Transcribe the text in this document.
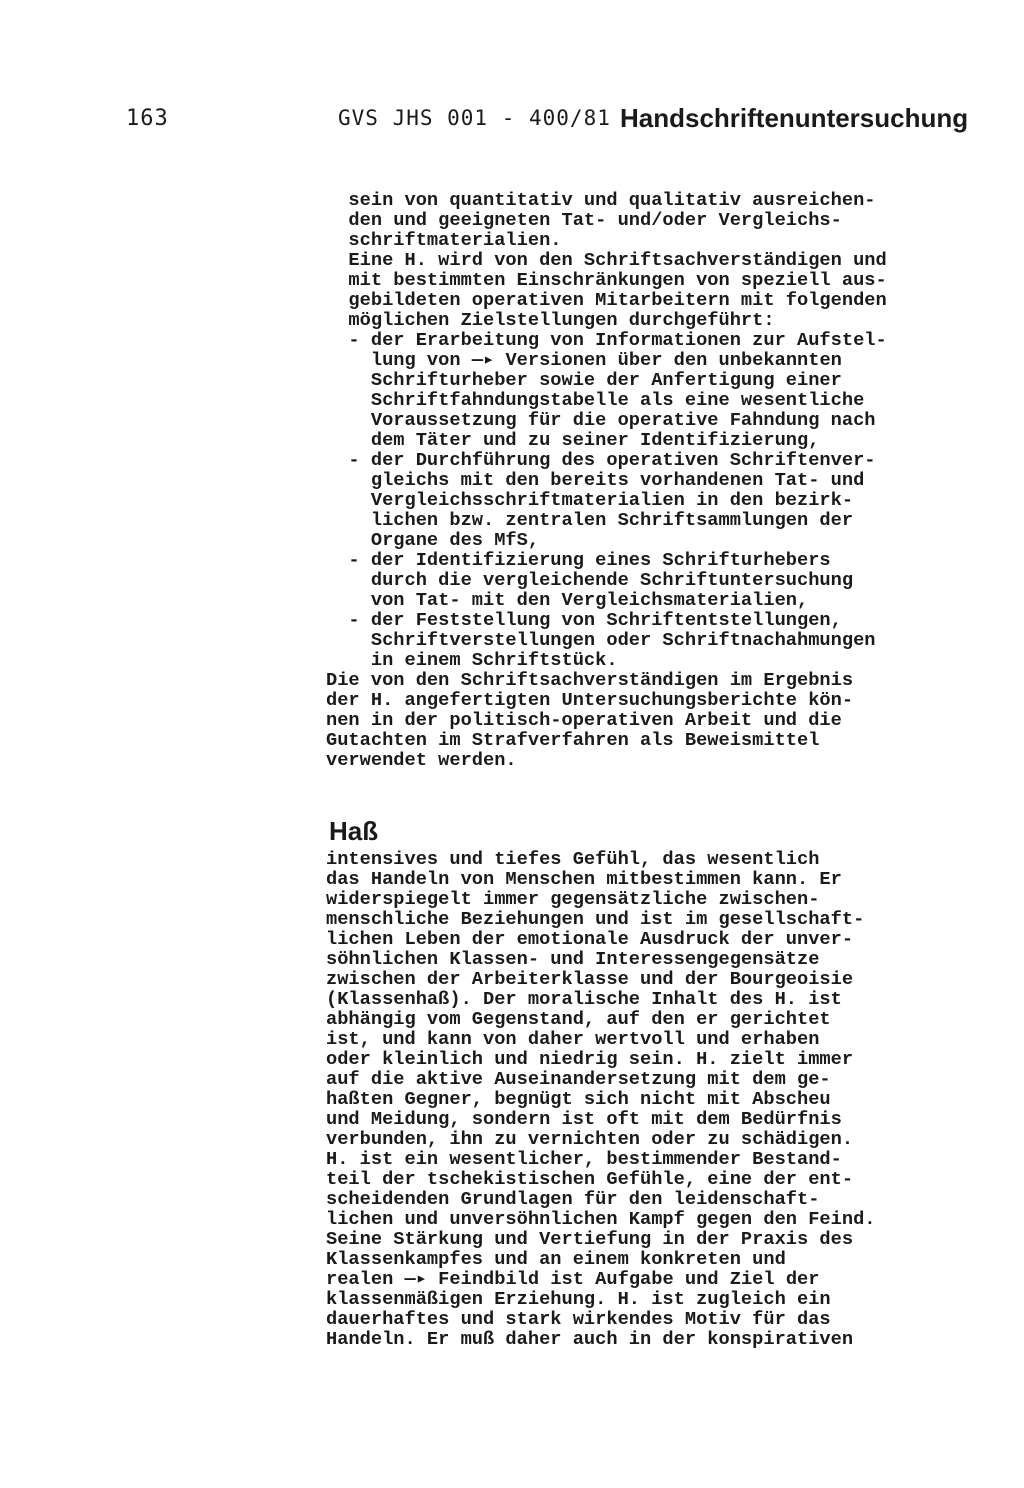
163	GVS JHS 001 - 400/81 Handschriftenuntersuchung
sein von quantitativ und qualitativ ausreichen-
den und geeigneten Tat- und/oder Vergleichs-
schriftmaterialien.
Eine H. wird von den Schriftsachverständigen und
mit bestimmten Einschränkungen von speziell aus-
gebildeten operativen Mitarbeitern mit folgenden
möglichen Zielstellungen durchgeführt:
- der Erarbeitung von Informationen zur Aufstel-
lung von —▸ Versionen über den unbekannten
Schrifturheber sowie der Anfertigung einer
Schriftfahndungstabelle als eine wesentliche
Voraussetzung für die operative Fahndung nach
dem Täter und zu seiner Identifizierung,
- der Durchführung des operativen Schriftenver-
gleichs mit den bereits vorhandenen Tat- und
Vergleichsschriftmaterialien in den bezirk-
lichen bzw. zentralen Schriftsammlungen der
Organe des MfS,
- der Identifizierung eines Schrifturhebers
durch die vergleichende Schriftuntersuchung
von Tat- mit den Vergleichsmaterialien,
- der Feststellung von Schriftentstellungen,
Schriftverstellungen oder Schriftnachahmungen
in einem Schriftstück.
Die von den Schriftsachverständigen im Ergebnis
der H. angefertigten Untersuchungsberichte kön-
nen in der politisch-operativen Arbeit und die
Gutachten im Strafverfahren als Beweismittel
verwendet werden.
Haß
intensives und tiefes Gefühl, das wesentlich
das Handeln von Menschen mitbestimmen kann. Er
widerspiegelt immer gegensätzliche zwischen-
menschliche Beziehungen und ist im gesellschaft-
lichen Leben der emotionale Ausdruck der unver-
söhnlichen Klassen- und Interessengegensätze
zwischen der Arbeiterklasse und der Bourgeoisie
(Klassenhaß). Der moralische Inhalt des H. ist
abhängig vom Gegenstand, auf den er gerichtet
ist, und kann von daher wertvoll und erhaben
oder kleinlich und niedrig sein. H. zielt immer
auf die aktive Auseinandersetzung mit dem ge-
haßten Gegner, begnügt sich nicht mit Abscheu
und Meidung, sondern ist oft mit dem Bedürfnis
verbunden, ihn zu vernichten oder zu schädigen.
H. ist ein wesentlicher, bestimmender Bestand-
teil der tschekistischen Gefühle, eine der ent-
scheidenden Grundlagen für den leidenschaft-
lichen und unversöhnlichen Kampf gegen den Feind.
Seine Stärkung und Vertiefung in der Praxis des
Klassenkampfes und an einem konkreten und
realen —▸ Feindbild ist Aufgabe und Ziel der
klassenmäßigen Erziehung. H. ist zugleich ein
dauerhaftes und stark wirkendes Motiv für das
Handeln. Er muß daher auch in der konspirativen
